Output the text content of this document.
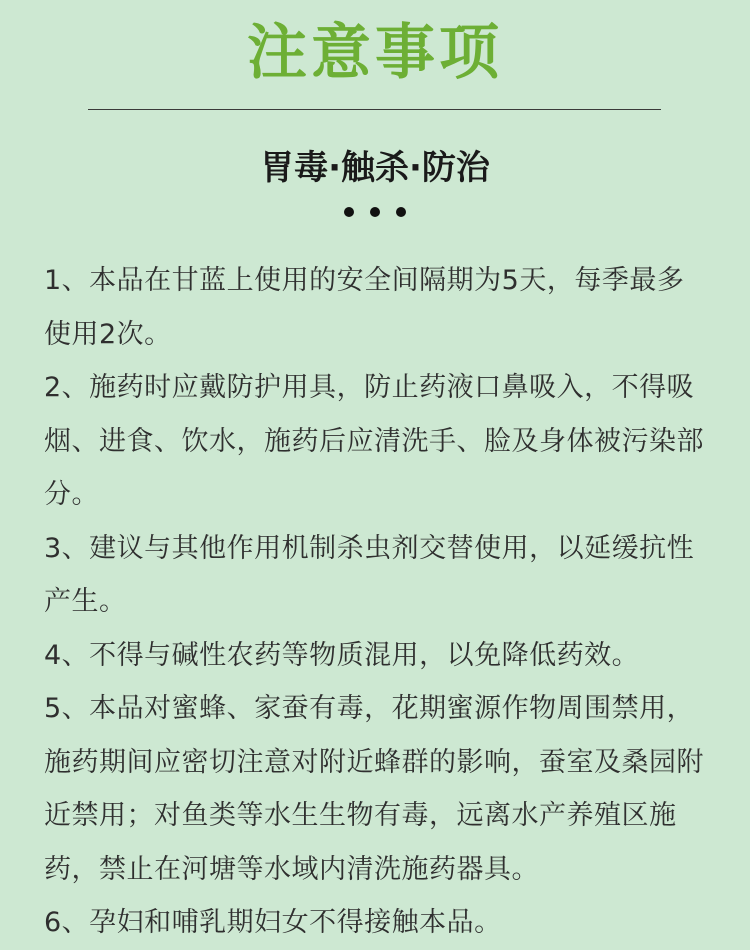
注意事项
胃毒·触杀·防治
1、本品在甘蓝上使用的安全间隔期为5天，每季最多使用2次。
2、施药时应戴防护用具，防止药液口鼻吸入，不得吸烟、进食、饮水，施药后应清洗手、脸及身体被污染部分。
3、建议与其他作用机制杀虫剂交替使用，以延缓抗性产生。
4、不得与碱性农药等物质混用，以免降低药效。
5、本品对蜜蜂、家蚕有毒，花期蜜源作物周围禁用，施药期间应密切注意对附近蜂群的影响，蚕室及桑园附近禁用；对鱼类等水生生物有毒，远离水产养殖区施药，禁止在河塘等水域内清洗施药器具。
6、孕妇和哺乳期妇女不得接触本品。
